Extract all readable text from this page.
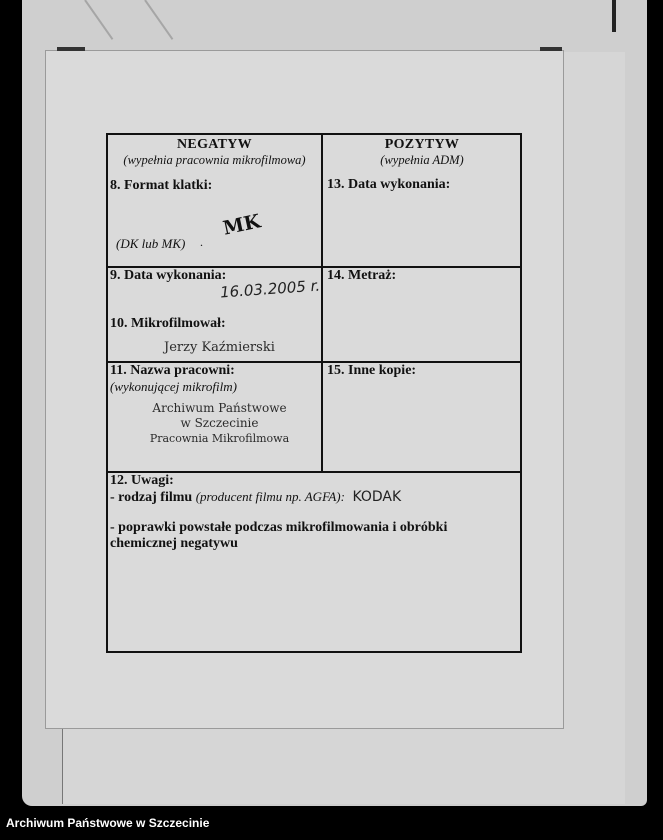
NEGATYW
(wypełnia pracownia mikrofilmowa)
8. Format klatki:
(DK lub MK) .
MK
POZYTYW
(wypełnia ADM)
13. Data wykonania:
9. Data wykonania:
16.03.2005 r.
10. Mikrofilmował:
Jerzy Kaźmierski
14. Metraż:
11. Nazwa pracowni:
(wykonującej mikrofilm)
Archiwum Państwowe
w Szczecinie
Pracownia Mikrofilmowa
15. Inne kopie:
12. Uwagi:
- rodzaj filmu (producent filmu np. AGFA): KODAK
- poprawki powstałe podczas mikrofilmowania i obróbki chemicznej negatywu
Archiwum Państwowe w Szczecinie
